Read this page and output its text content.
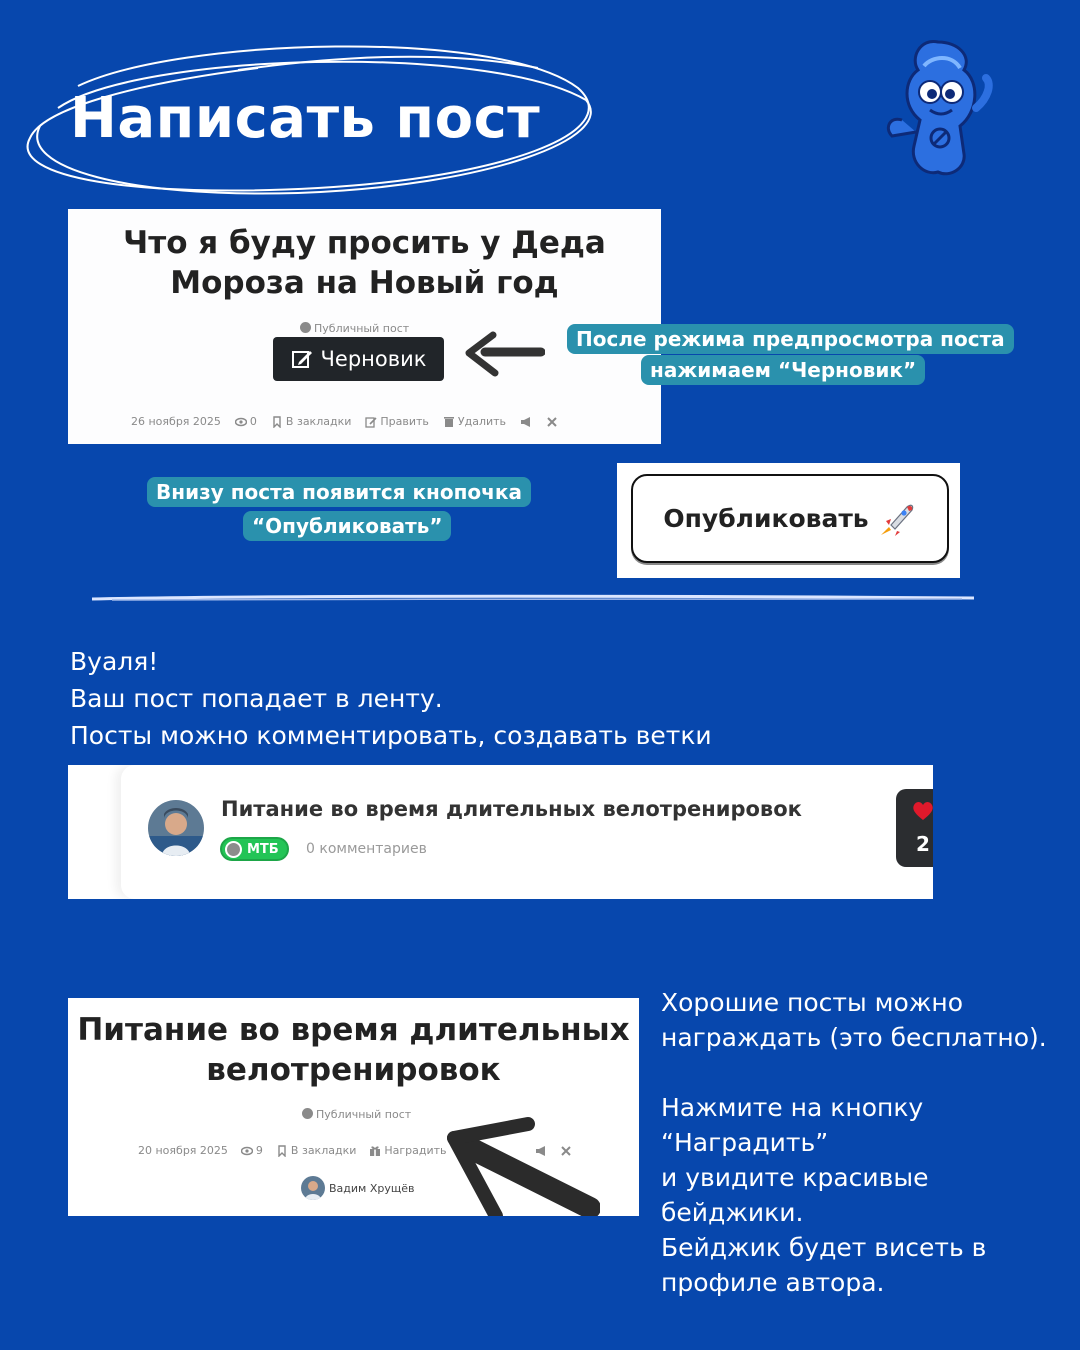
Написать пост
Что я буду просить у Деда
Мороза на Новый год
Публичный пост
Черновик
26 ноября 2025	0	В закладки	Править	Удалить
После режима предпросмотра поста
нажимаем “Черновик”
Внизу поста появится кнопочка
“Опубликовать”	Опубликовать
Вуаля!
Ваш пост попадает в ленту.
Посты можно комментировать, создавать ветки
Питание во время длительных велотренировок
МТБ 0 комментариев	2
Питание во время длительных
велотренировок
Публичный пост
20 ноября 2025	9	В закладки	Наградить
Вадим Хрущёв
Хорошие посты можно
награждать (это бесплатно).
Нажмите на кнопку “Наградить”
и увидите красивые бейджики.
Бейджик будет висеть в
профиле автора.
